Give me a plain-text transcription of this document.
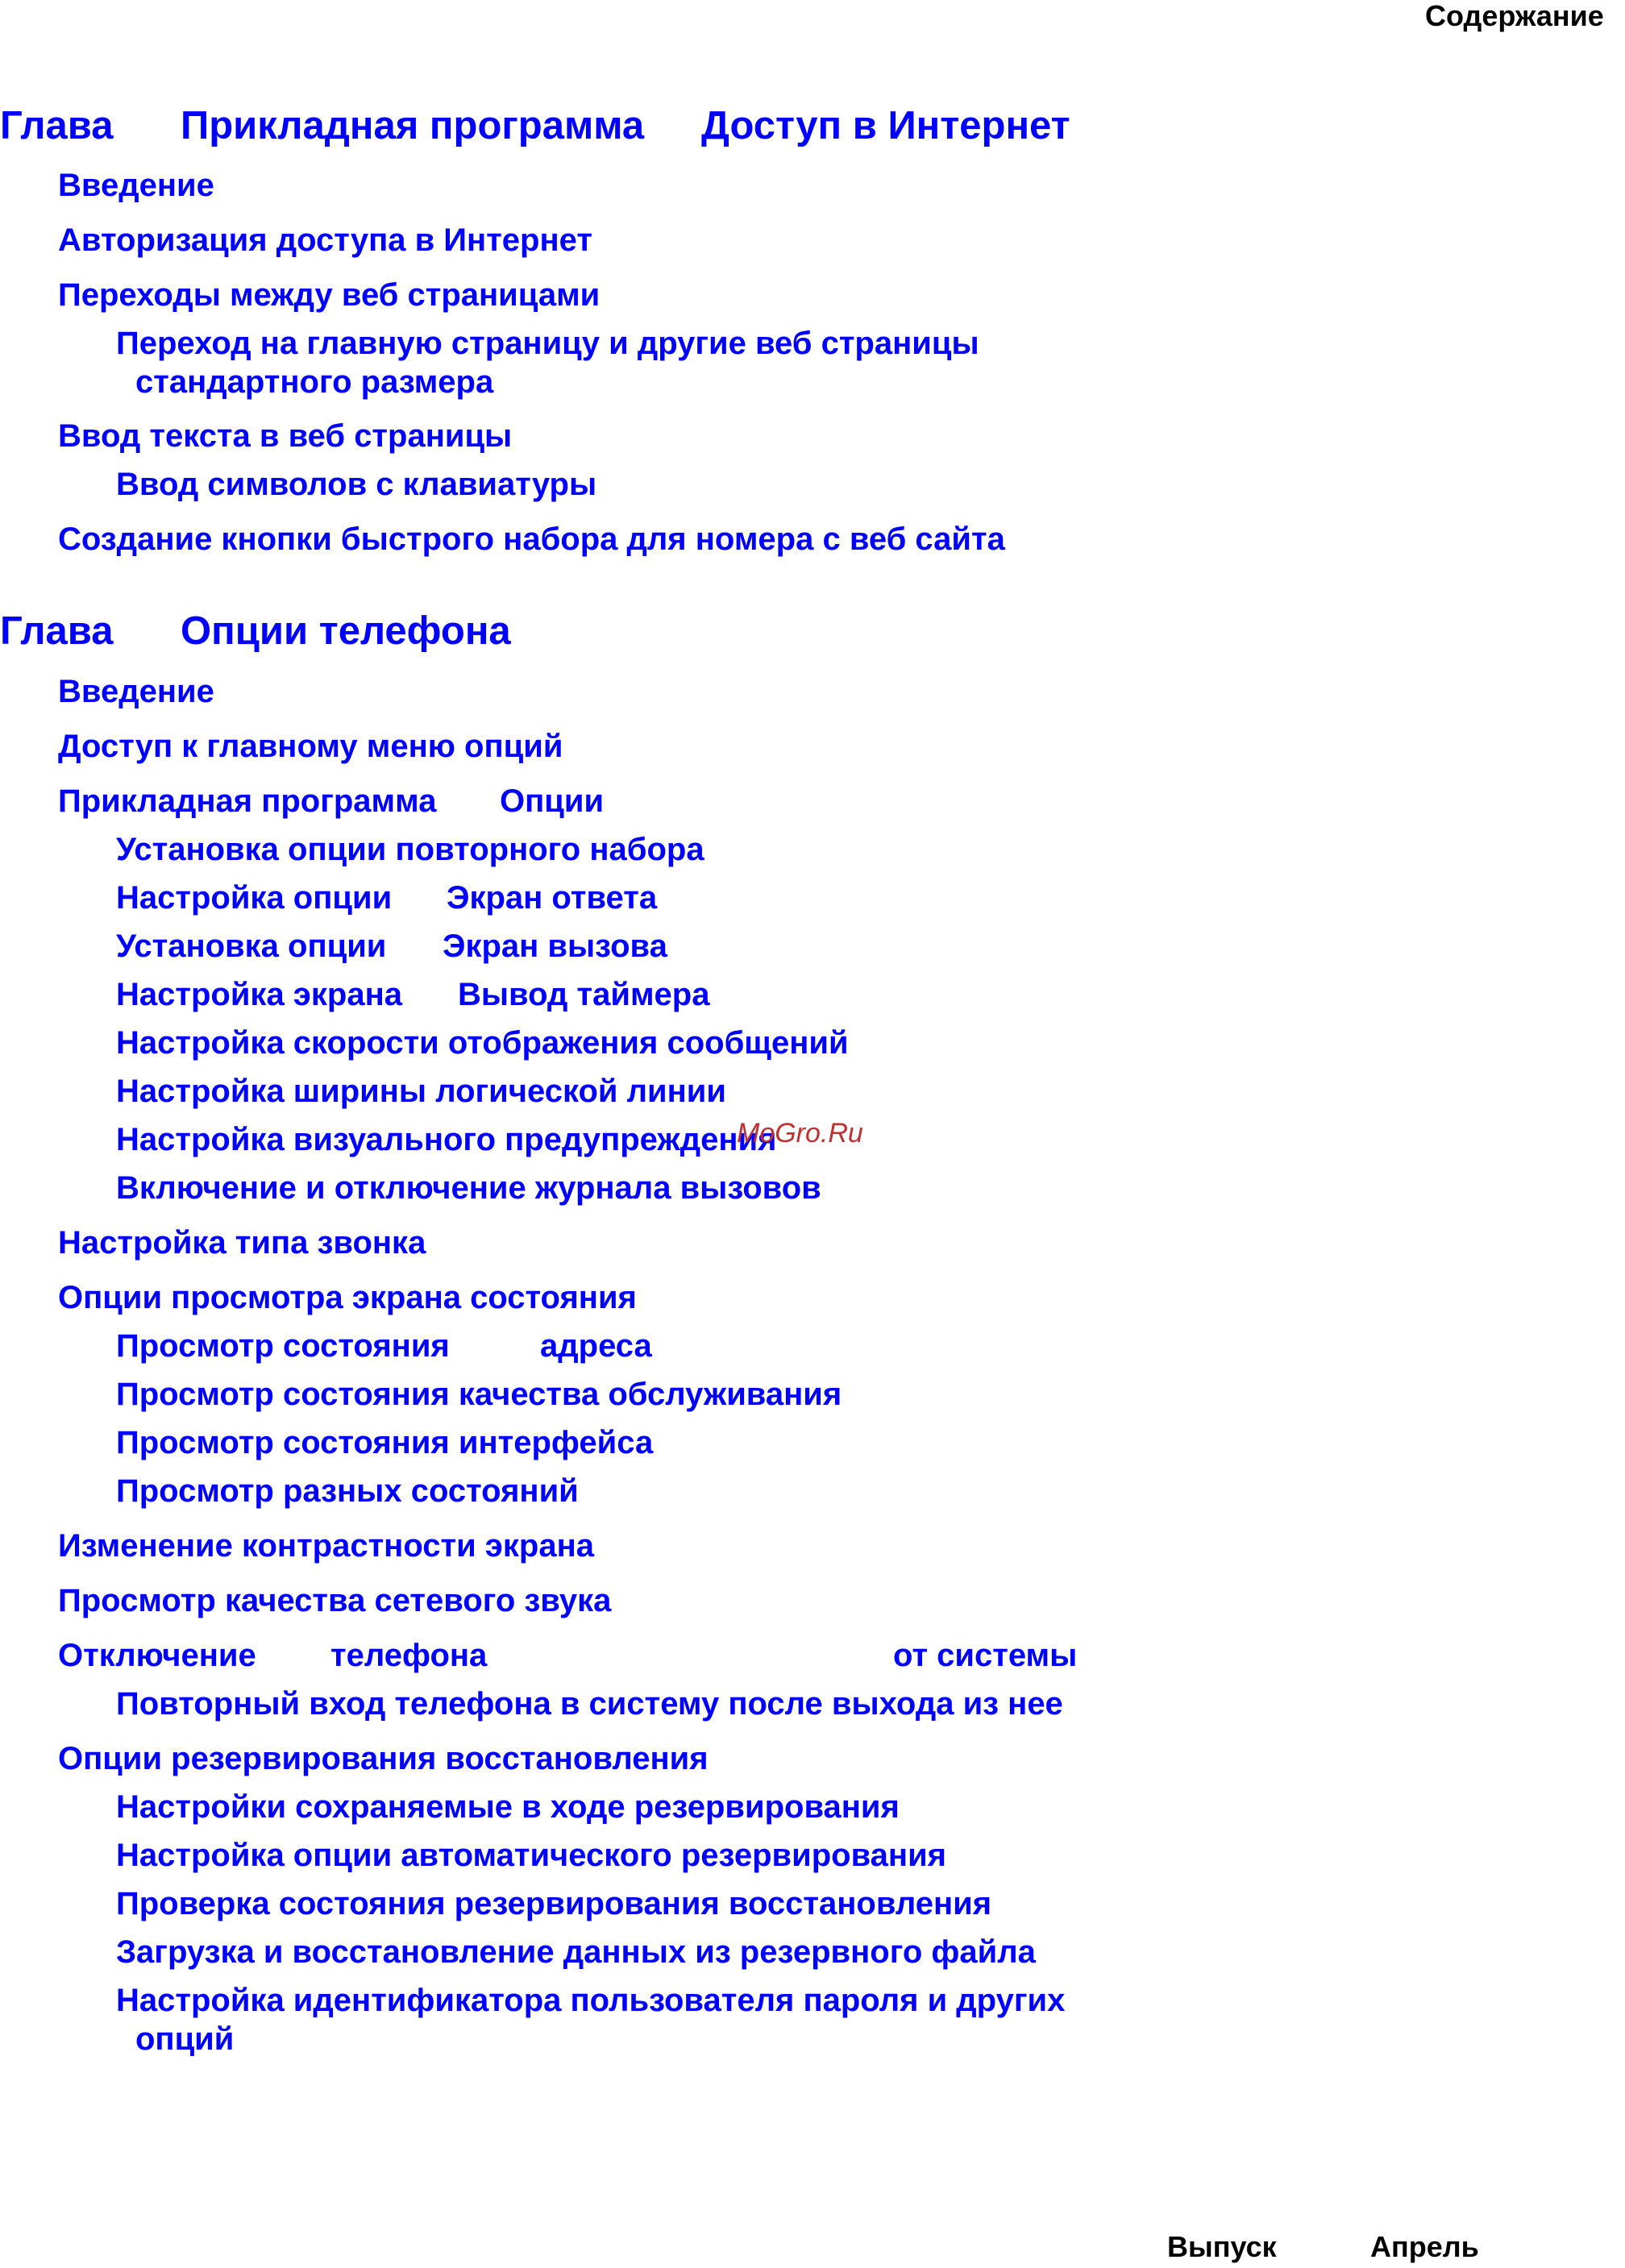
Содержание
Глава Прикладная программа Доступ в Интернет
Введение
Авторизация доступа в Интернет
Переходы между веб страницами
Переход на главную страницу и другие веб страницы
стандартного размера
Ввод текста в веб страницы
Ввод символов с клавиатуры
Создание кнопки быстрого набора для номера с веб сайта
Глава Опции телефона
Введение
Доступ к главному меню опций
Прикладная программа Опции
Установка опции повторного набора
Настройка опции Экран ответа
Установка опции Экран вызова
Настройка экрана Вывод таймера
Настройка скорости отображения сообщений
Настройка ширины логической линии
Настройка визуального предупреждения
Включение и отключение журнала вызовов
Настройка типа звонка
Опции просмотра экрана состояния
Просмотр состояния	адреса
Просмотр состояния качества обслуживания
Просмотр состояния интерфейса
Просмотр разных состояний
Изменение контрастности экрана
Просмотр качества сетевого звука
Отключение телефона	от системы
Повторный вход телефона в систему после выхода из нее
Опции резервирования восстановления
Настройки сохраняемые в ходе резервирования
Настройка опции автоматического резервирования
Проверка состояния резервирования восстановления
Загрузка и восстановление данных из резервного файла
Настройка идентификатора пользователя пароля и других
опций
MoGro.Ru
Выпуск	Апрель
